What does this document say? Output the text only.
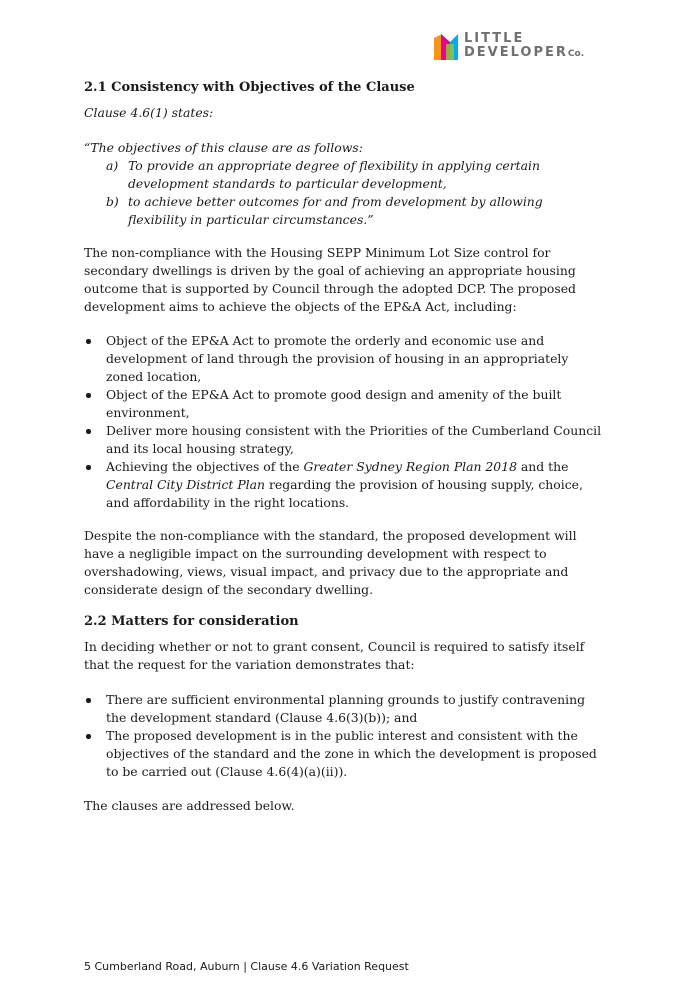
LITTLE
DEVELOPERCo.
2.1 Consistency with Objectives of the Clause

Clause 4.6(1) states:

“The objectives of this clause are as follows:

a) To provide an appropriate degree of flexibility in applying certain development standards to particular development,
b) to achieve better outcomes for and from development by allowing flexibility in particular circumstances.”

The non-compliance with the Housing SEPP Minimum Lot Size control for secondary dwellings is driven by the goal of achieving an appropriate housing outcome that is supported by Council through the adopted DCP. The proposed development aims to achieve the objects of the EP&A Act, including:

Object of the EP&A Act to promote the orderly and economic use and development of land through the provision of housing in an appropriately zoned location,
Object of the EP&A Act to promote good design and amenity of the built environment,
Deliver more housing consistent with the Priorities of the Cumberland Council and its local housing strategy,
Achieving the objectives of the Greater Sydney Region Plan 2018 and the Central City District Plan regarding the provision of housing supply, choice, and affordability in the right locations.

Despite the non-compliance with the standard, the proposed development will have a negligible impact on the surrounding development with respect to overshadowing, views, visual impact, and privacy due to the appropriate and considerate design of the secondary dwelling.

2.2 Matters for consideration

In deciding whether or not to grant consent, Council is required to satisfy itself that the request for the variation demonstrates that:

There are sufficient environmental planning grounds to justify contravening the development standard (Clause 4.6(3)(b)); and
The proposed development is in the public interest and consistent with the objectives of the standard and the zone in which the development is proposed to be carried out (Clause 4.6(4)(a)(ii)).

The clauses are addressed below.

5 Cumberland Road, Auburn | Clause 4.6 Variation Request
